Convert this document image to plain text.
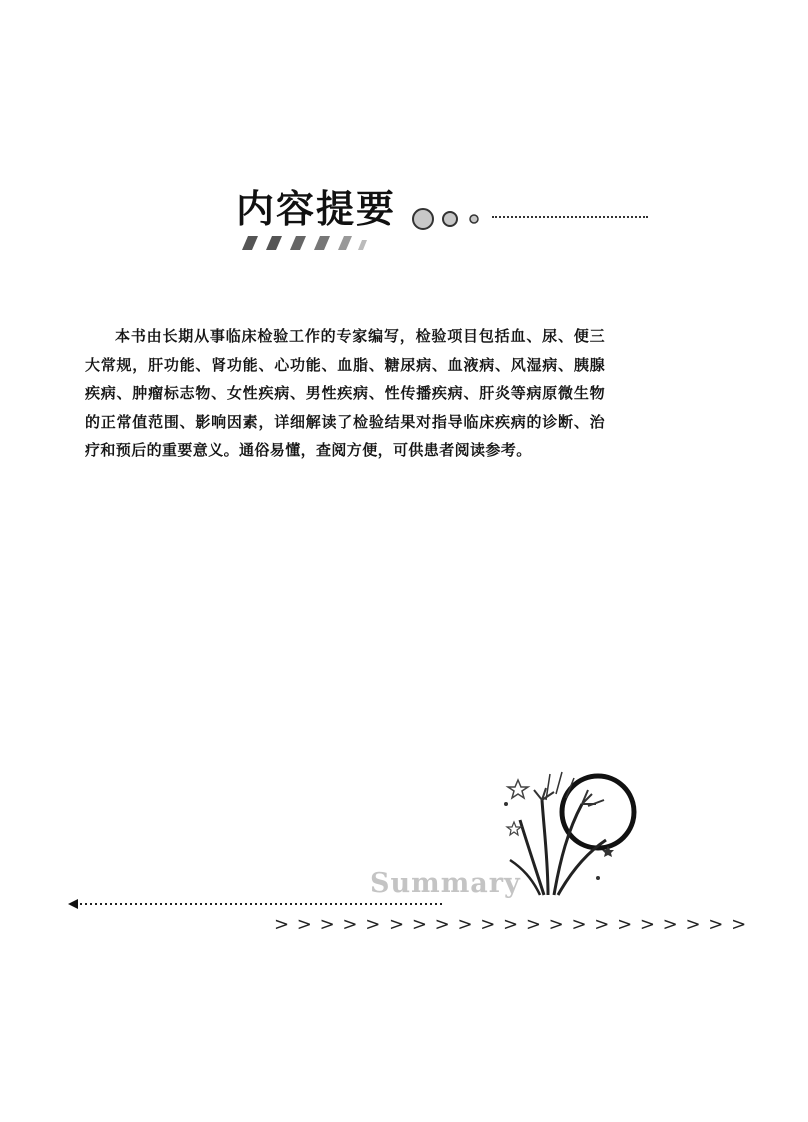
内容提要

本书由长期从事临床检验工作的专家编写，检验项目包括血、尿、便三大常规，肝功能、肾功能、心功能、血脂、糖尿病、血液病、风湿病、胰腺疾病、肿瘤标志物、女性疾病、男性疾病、性传播疾病、肝炎等病原微生物的正常值范围、影响因素，详细解读了检验结果对指导临床疾病的诊断、治疗和预后的重要意义。通俗易懂，查阅方便，可供患者阅读参考。

Summary
> > > > > > > > > > > > > > > > > > > > >
